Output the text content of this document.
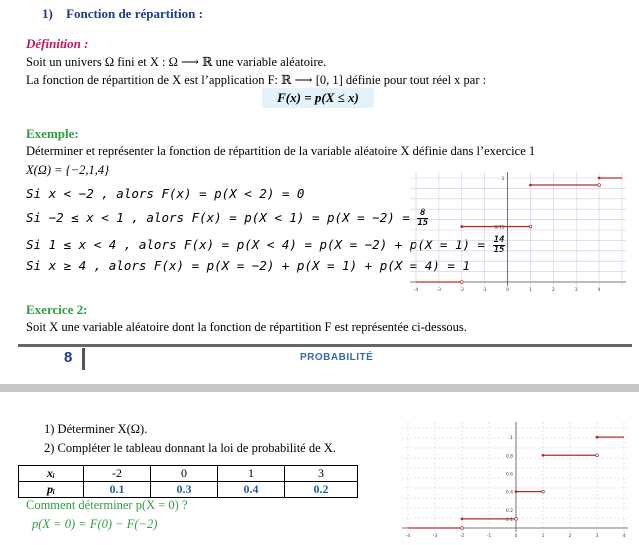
1) Fonction de répartition :
Définition :
Soit un univers Ω fini et X : Ω ⟶ ℝ une variable aléatoire.
La fonction de répartition de X est l’application F: ℝ ⟶ [0, 1] définie pour tout réel x par :
F(x) = p(X ≤ x)
Exemple:
Déterminer et représenter la fonction de répartition de la variable aléatoire X définie dans l’exercice 1
X(Ω) = {−2,1,4}
Si x < −2 , alors F(x) = p(X < 2) = 0
Si −2 ≤ x < 1 , alors $F(x) = p(X < 1) = p(X = -2) = \frac{8}{15}$
Si 1 ≤ x < 4 , alors $F(x) = p(X < 4) = p(X = -2) + p(X = 1) = \frac{14}{15}$
Si x ≥ 4 , alors F(x) = p(X = −2) + p(X = 1) + p(X = 4) = 1
-4	-3	-2	-1	0	1	2	3	4
8/15
1
Exercice 2:
Soit X une variable aléatoire dont la fonction de répartition F est représentée ci-dessous.
8	PROBABILITÉ
1) Déterminer X(Ω).
2) Compléter le tableau donnant la loi de probabilité de X.
xᵢ	-2	0	1	3
pᵢ	0.1	0.3	0.4	0.2
Comment déterminer p(X = 0) ?
p(X = 0) = F(0) − F(−2)
-4	-3	-2	-1	0	1	2	3	4
0.1
0.2
0.4
0.6
0.8
1
